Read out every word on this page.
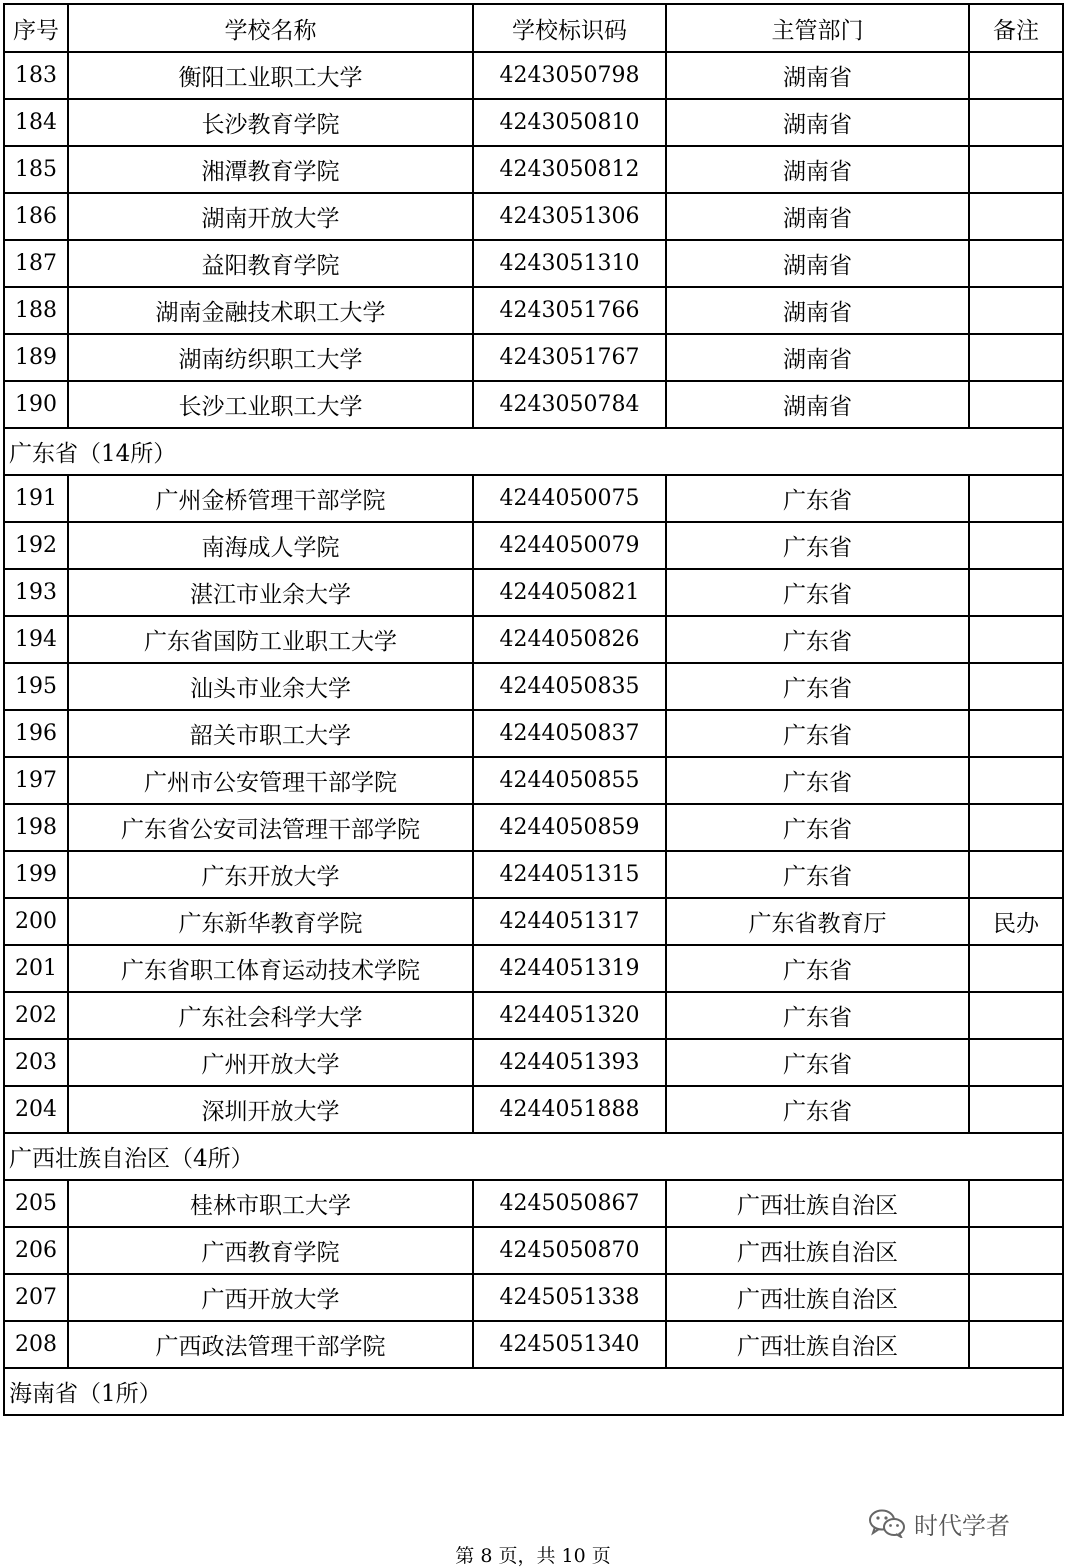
序号	学校名称	学校标识码	主管部门	备注
183	衡阳工业职工大学	4243050798	湖南省	
184	长沙教育学院	4243050810	湖南省	
185	湘潭教育学院	4243050812	湖南省	
186	湖南开放大学	4243051306	湖南省	
187	益阳教育学院	4243051310	湖南省	
188	湖南金融技术职工大学	4243051766	湖南省	
189	湖南纺织职工大学	4243051767	湖南省	
190	长沙工业职工大学	4243050784	湖南省	
广东省（14所）				
191	广州金桥管理干部学院	4244050075	广东省	
192	南海成人学院	4244050079	广东省	
193	湛江市业余大学	4244050821	广东省	
194	广东省国防工业职工大学	4244050826	广东省	
195	汕头市业余大学	4244050835	广东省	
196	韶关市职工大学	4244050837	广东省	
197	广州市公安管理干部学院	4244050855	广东省	
198	广东省公安司法管理干部学院	4244050859	广东省	
199	广东开放大学	4244051315	广东省	
200	广东新华教育学院	4244051317	广东省教育厅	民办
201	广东省职工体育运动技术学院	4244051319	广东省	
202	广东社会科学大学	4244051320	广东省	
203	广州开放大学	4244051393	广东省	
204	深圳开放大学	4244051888	广东省	
广西壮族自治区（4所）				
205	桂林市职工大学	4245050867	广西壮族自治区	
206	广西教育学院	4245050870	广西壮族自治区	
207	广西开放大学	4245051338	广西壮族自治区	
208	广西政法管理干部学院	4245051340	广西壮族自治区	
海南省（1所）				
时代学者
第 8 页，共 10 页
